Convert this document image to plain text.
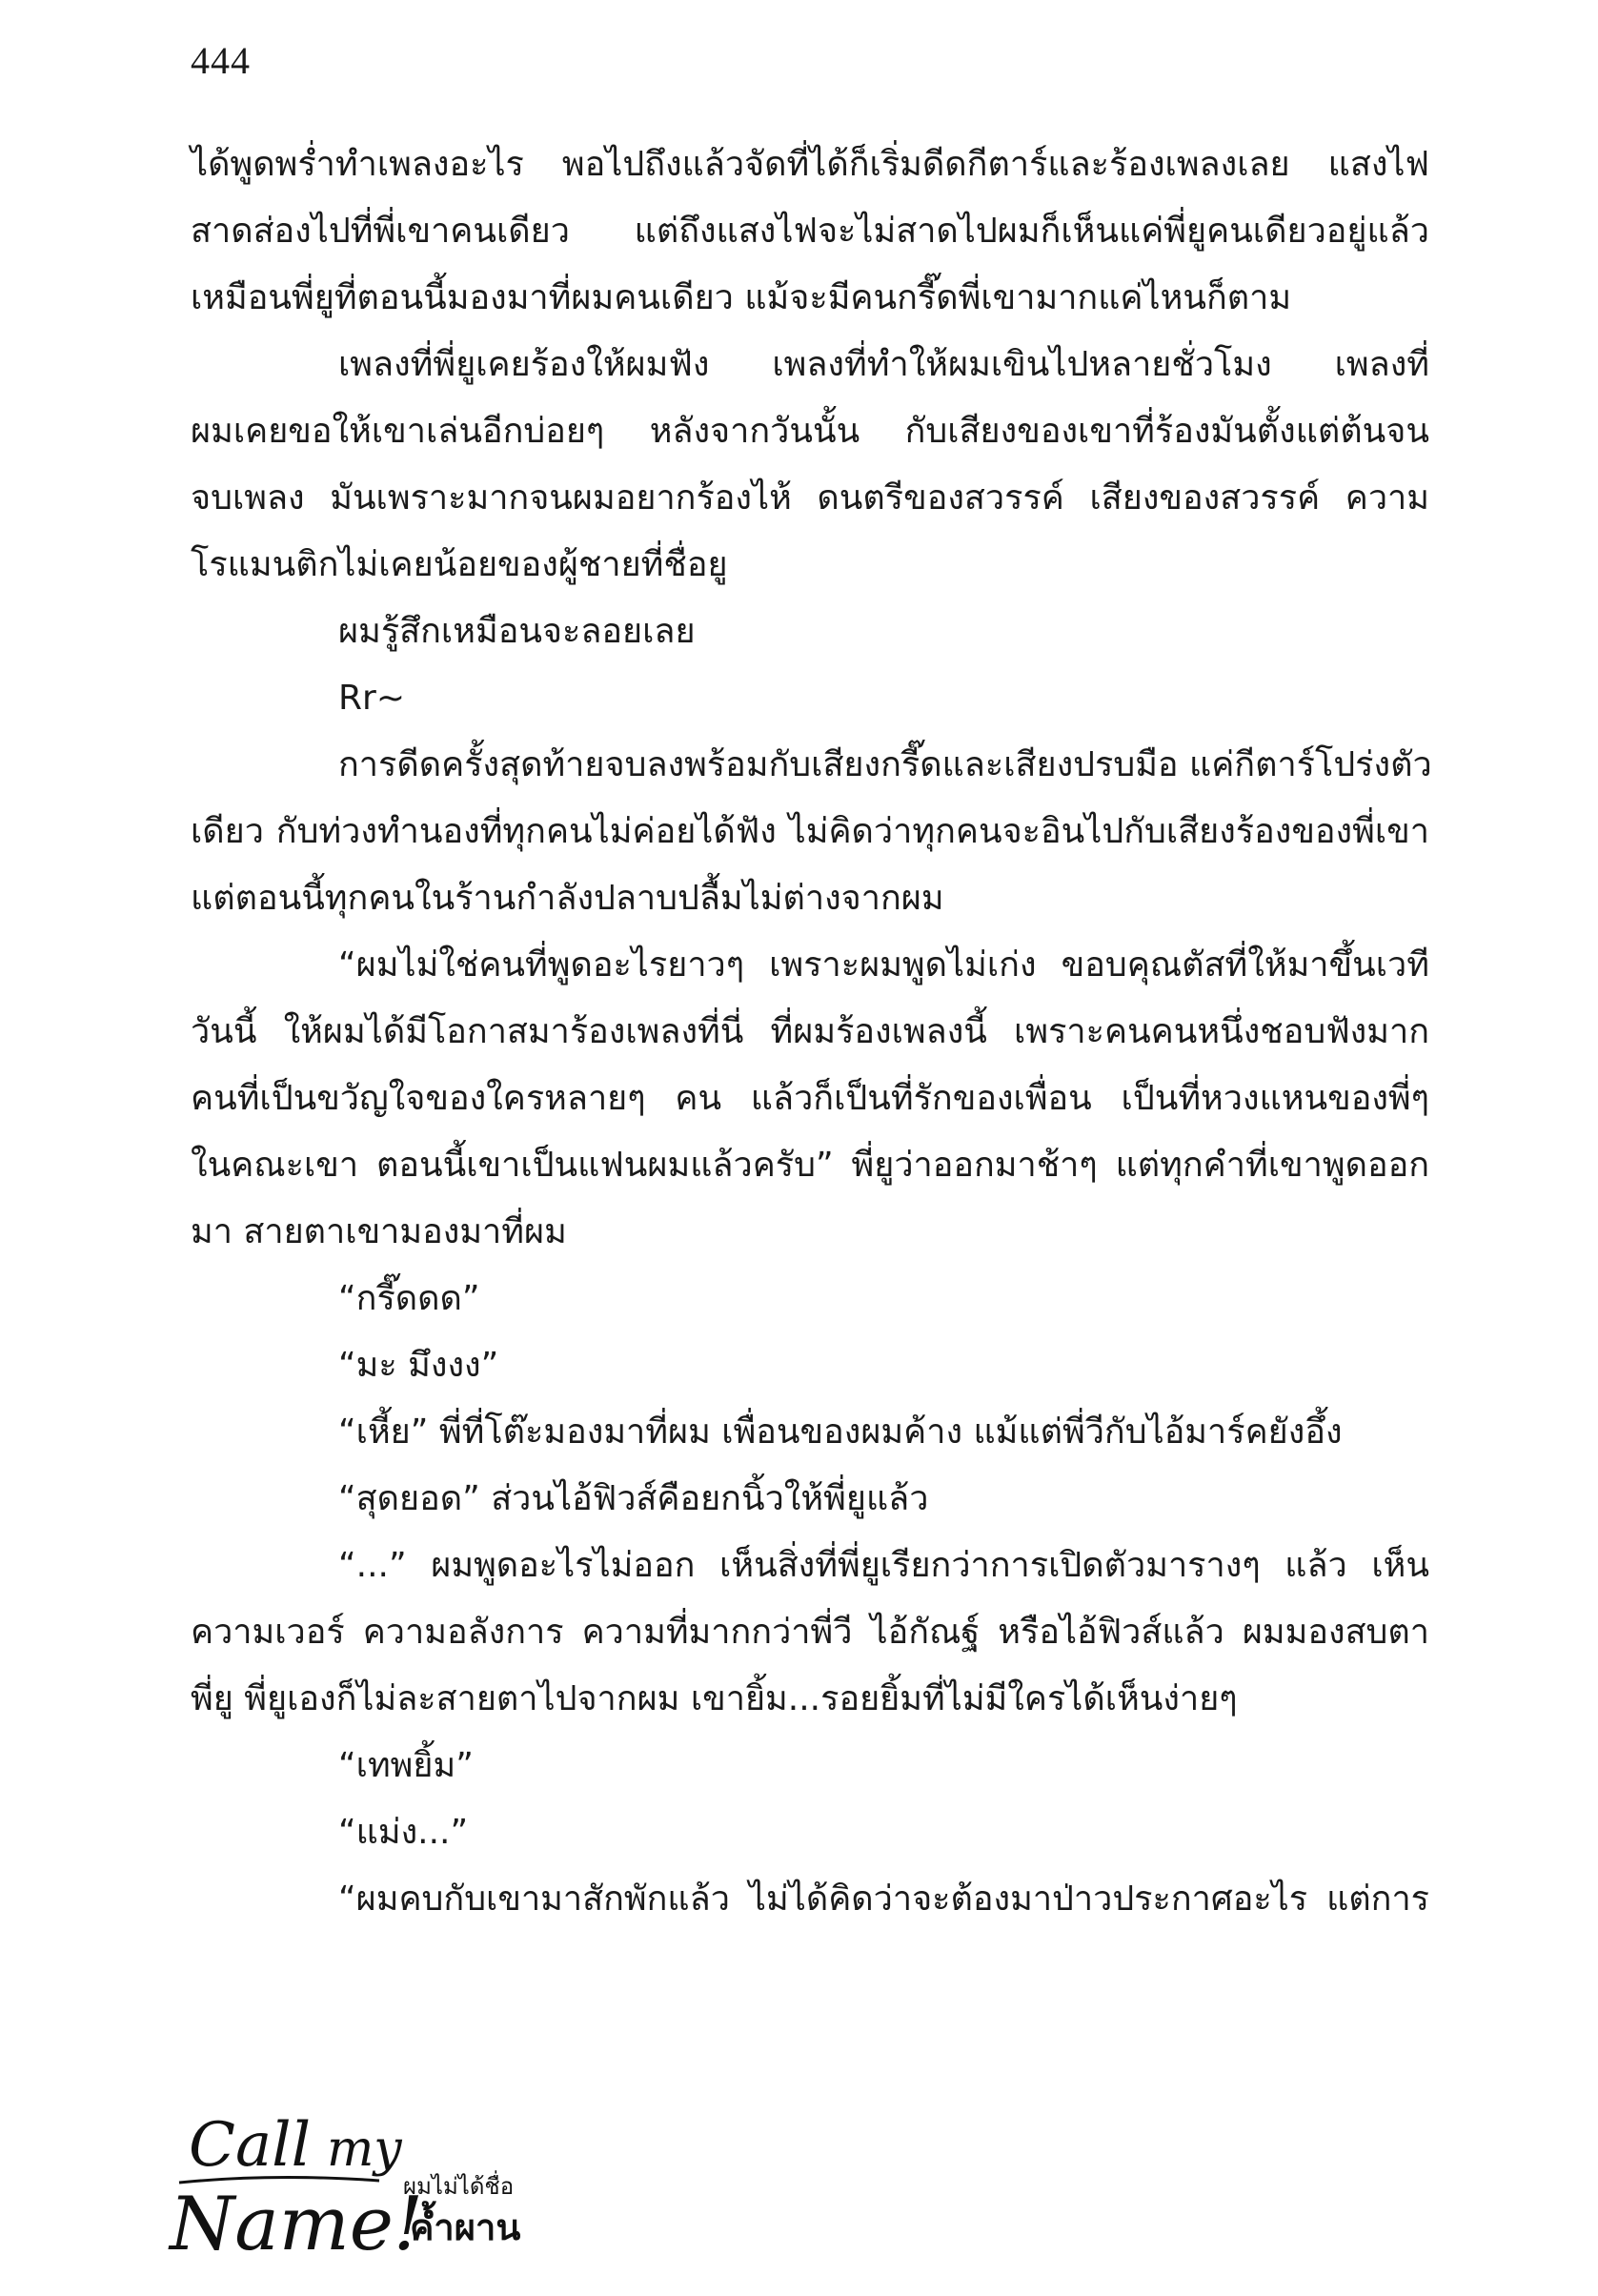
444
ได้พูดพร่ำทำเพลงอะไร พอไปถึงแล้วจัดที่ได้ก็เริ่มดีดกีตาร์และร้องเพลงเลย แสงไฟ
สาดส่องไปที่พี่เขาคนเดียว แต่ถึงแสงไฟจะไม่สาดไปผมก็เห็นแค่พี่ยูคนเดียวอยู่แล้ว
เหมือนพี่ยูที่ตอนนี้มองมาที่ผมคนเดียว แม้จะมีคนกรี๊ดพี่เขามากแค่ไหนก็ตาม
เพลงที่พี่ยูเคยร้องให้ผมฟัง เพลงที่ทำให้ผมเขินไปหลายชั่วโมง เพลงที่
ผมเคยขอให้เขาเล่นอีกบ่อยๆ หลังจากวันนั้น กับเสียงของเขาที่ร้องมันตั้งแต่ต้นจน
จบเพลง มันเพราะมากจนผมอยากร้องไห้ ดนตรีของสวรรค์ เสียงของสวรรค์ ความ
โรแมนติกไม่เคยน้อยของผู้ชายที่ชื่อยู
ผมรู้สึกเหมือนจะลอยเลย
Rr~
การดีดครั้งสุดท้ายจบลงพร้อมกับเสียงกรี๊ดและเสียงปรบมือ แค่กีตาร์โปร่งตัว
เดียว กับท่วงทำนองที่ทุกคนไม่ค่อยได้ฟัง ไม่คิดว่าทุกคนจะอินไปกับเสียงร้องของพี่เขา
แต่ตอนนี้ทุกคนในร้านกำลังปลาบปลื้มไม่ต่างจากผม
“ผมไม่ใช่คนที่พูดอะไรยาวๆ เพราะผมพูดไม่เก่ง ขอบคุณตัสที่ให้มาขึ้นเวที
วันนี้ ให้ผมได้มีโอกาสมาร้องเพลงที่นี่ ที่ผมร้องเพลงนี้ เพราะคนคนหนึ่งชอบฟังมาก
คนที่เป็นขวัญใจของใครหลายๆ คน แล้วก็เป็นที่รักของเพื่อน เป็นที่หวงแหนของพี่ๆ
ในคณะเขา ตอนนี้เขาเป็นแฟนผมแล้วครับ” พี่ยูว่าออกมาช้าๆ แต่ทุกคำที่เขาพูดออก
มา สายตาเขามองมาที่ผม
“กรี๊ดดด”
“มะ มึงงง”
“เหี้ย” พี่ที่โต๊ะมองมาที่ผม เพื่อนของผมค้าง แม้แต่พี่วีกับไอ้มาร์คยังอึ้ง
“สุดยอด” ส่วนไอ้ฟิวส์คือยกนิ้วให้พี่ยูแล้ว
“...” ผมพูดอะไรไม่ออก เห็นสิ่งที่พี่ยูเรียกว่าการเปิดตัวมารางๆ แล้ว เห็น
ความเวอร์ ความอลังการ ความที่มากกว่าพี่วี ไอ้กัณฐ์ หรือไอ้ฟิวส์แล้ว ผมมองสบตา
พี่ยู พี่ยูเองก็ไม่ละสายตาไปจากผม เขายิ้ม...รอยยิ้มที่ไม่มีใครได้เห็นง่ายๆ
“เทพยิ้ม”
“แม่ง...”
“ผมคบกับเขามาสักพักแล้ว ไม่ได้คิดว่าจะต้องมาป่าวประกาศอะไร แต่การ
Call my
Name!
ผมไม่ได้ชื่อ
ค้ำผาน
